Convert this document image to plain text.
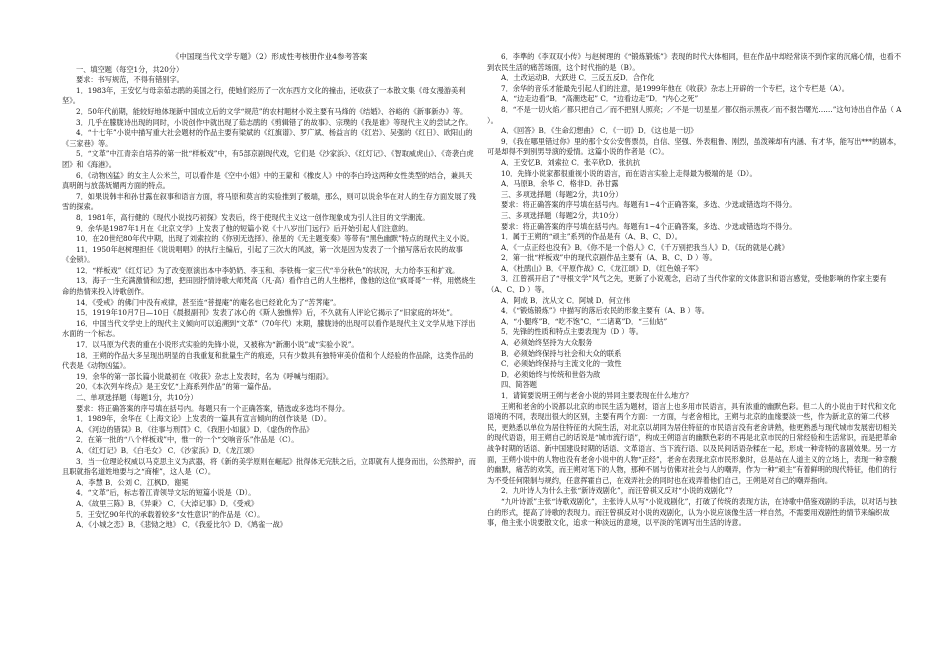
《中国现当代文学专题》（2）形成性考核册作业4参考答案
一、填空题（每空1分，共20分）
要求：书写规范，不得有错别字。
1．1983年，王安忆与母亲茹志鹃的美国之行，使她们经历了一次东西方文化的撞击，还收获了一本散文集《母女漫游美利坚》。
2．50年代前期，能较好地体现新中国成立后的文学“规范”的农村题材小说主要有马烽的《结婚》、谷峪的《新事新办》等。
3．几乎在朦胧诗出现的同时，小说创作中就出现了茹志鹃的《剪辑错了的故事》、宗璞的《我是谁》等现代主义的尝试之作。
4．“十七年”小说中描写重大社会题材的作品主要有梁斌的《红旗谱》、罗广斌、杨益言的《红岩》、吴强的《红日》、欧阳山的《三家巷》等。
5．“文革”中江青亲自培养的第一批“样板戏”中，有5部京剧现代戏，它们是《沙家浜》、《红灯记》、《智取威虎山》、《奇袭白虎团》和《海港》。
6．《动物凶猛》的女主人公米兰，可以看作是《空中小姐》中的王蒙和《橡皮人》中的李白玲这两种女性类型的结合，兼具天真明朗与放荡妩媚两方面的特点。
7．如果说韩丰和孙甘露在叙事和语言方面，将马原和莫言的实验推到了极端，那么，则可以说余华在对人的生存方面发展了残雪的探索。
8．1981年，高行健的《现代小说技巧初探》发表后，终于使现代主义这一创作现象成为引人注目的文学潮流。
9．余华是1987年1月在《北京文学》上发表了他的短篇小说《十八岁出门远行》后开始引起人们注意的。
10．在20世纪80年代中期，出现了刘索拉的《你别无选择》、徐星的《无主题变奏》等带有“黑色幽默”特点的现代主义小说。
11．1950年赵树理担任《说说唱唱》的执行主编后，引起了三次大的风波，第一次是因为发表了一个描写落后农民的故事《金锁》。
12．“样板戏”《红灯记》为了改变原演出本中李奶奶、李玉和、李铁梅一家三代“半分秋色”的状况，大力给李玉和扩戏。
13．海子一生充满激情和幻想，把田园抒情诗歌大师梵高（凡·高）看作自己的人生楷样，像他的这位“疯哥哥”一样，用燃烧生命的热情来投入诗歌创作。
14．《受戒》的佛门中没有戒律，甚至连“菩提庵”的庵名也已经讹化为了“苦荠庵”。
15．1919年10月7日—10日《晨报副刊》发表了冰心的《斯人独憔悴》后，不久就有人评论它揭示了“旧家庭的坏处”。
16．中国当代文学史上的现代主义倾向可以追溯到“文革”（70年代）末期，朦胧诗的出现可以看作是现代主义文学从地下浮出水面的一个标志。
17．以马原为代表的重在小说形式实验的先锋小说，又被称为“新潮小说”或“实验小说”。
18．王朔的作品大多呈现出明显的自我重复和批量生产的痕迹，只有少数具有独特审美价值和个人经验的作品除，这类作品的代表是《动物凶猛》。
19．余华的第一部长篇小说最初在《收获》杂志上发表时，名为《呼喊与细雨》。
20．《本次列车终点》是王安忆“上海系列作品”的第一篇作品。
二、单项选择题（每题1分，共10分）
要求：将正确答案的序号填在括号内。每题只有一个正确答案，错选或多选均不得分。
1．1989年，余华在《上海文论》上发表的一篇具有宣言倾向的创作谈是（D）。
A．《河边的错误》B．《往事与刑罚》C．《我胆小如鼠》D．《虚伪的作品》
2．在第一批的“八个样板戏”中，惟一的一个“交响音乐”作品是（C）。
A．《红灯记》B．《白毛女》 C．《沙家浜》D．《龙江颂》
3．当一位理论权威以马克思主义为武器，将《新的美学原则在崛起》批得体无完肤之后，立即就有人提身而出，公然辩护，而且职就指名道姓地要与之“商榷”，这人是（C）。
A．李慧 B．公刘 C．江枫D．谢冕
4．“文革”后，标志着江青领导文坛的短篇小说是（D）。
A．《故里三陈》B．《异秉》 C．《大淖记事》D．《受戒》
5．王安忆90年代的承载着较多“女性意识”的作品是（C）。
A．《小城之恋》B．《悲恸之地》 C．《我爱比尔》D．《鸠雀一战》
6．李準的《李双双小传》与赵树理的《“锻炼锻炼”》表现的时代大体相同，但在作品中却经常读不到作家的沉痛心情，也看不到农民生活的痛苦场面，这个时代指的是（B）。
A．土改运动B．大跃进 C．三反五反D．合作化
7．余华的音乐才能最先引起人们的注意，是1999年他在《收获》杂志上开辟的一个专栏，这个专栏是（A）。
A．“边走边看”B．“高潮迭起” C．“边看边走”D．“内心之死”
8．“不是一切火焰／都只把自己／而不把别人照亮；／不是一切星星／都仅指示黑夜／而不报告曙光……”这句诗出自作品（ A ）。
A．《回答》B．《生命幻想曲》 C．《一切》D．《这也是一切》
9．《我在哪里错过你》里的那个女公安售票员，自信、坚强、外表粗鲁、刚烈，虽泼辣却有内涵、有才华，能写出***的剧本，可是却得不到别男导演的爱情。这篇小说的作者是（C）。
A．王安忆B．刘索拉 C．张辛欣D．张抗抗
10．先锋小说家都很重视小说的语言，而在语言实验上走得最为极端的是（D）。
A．马原B．余华 C．格非D．孙甘露
三、多项选择题（每题2分，共10分）
要求：将正确答案的序号填在括号内。每题有1~4个正确答案，多选、少选或错选均不得分。
三、多项选择题（每题2分，共10分）
要求：将正确答案的序号填在括号内。每题有1~4个正确答案，多选、少选或错选均不得分。
1．属于王朔的“顽主”系列的作品是有（A、B、C、D）。
A．《一点正经也没有》B．《你不是一个俗人》C．《千万别把我当人》D．《玩的就是心跳》
2．第一批“样板戏”中的现代京剧作品主要有（A、B、C、D ）等。
A．《杜鹃山》B．《平原作战》C．《龙江颂》D．《红色娘子军》
3．江曾祺开启了“寻根文学”风气之先，更新了小说观念，启动了当代作家的文体意识和语言感觉，受他影响的作家主要有（A、C、D ）等。
A．阿成 B．沈从文 C．阿城 D．何立伟
4．《“锻炼锻炼”》中描写的落后农民的形象主要有（A、B ）等。
A．“小腿疼”B．“吃不饱”C．“二诸葛”D．“三仙姑”
5．先锋的性质和特点主要表现为（D ）等。
A．必须始终坚持为大众服务
B．必须始终保持与社会和大众的联系
C．必须始终保持与主流文化的一致性
D．必须始终与传统和世俗为敌
四、简答题
1．请简要说明王朔与老舍小说的异同主要表现在什么地方？
王朔和老舍的小说都以北京的市民生活为题材，语言上也多用市民语言，具有浓重的幽默色彩。但二人的小说由于时代和文化语境的不同，表现出很大的区别，主要有两个方面：一方面，与老舍相比，王朔与北京的血缘要淡一些，作为新北京的第二代移民，更熟悉以单位为居住特征的大院生活，对北京以胡同为居住特征的市民语言没有老舍讲熟，他更熟悉与现代城市发展密切相关的现代语语，用王朔自己的话说是“城市流行语”，构成王朔语言的幽默色彩的不再是北京市民的日常经验和生活常识，而是把革命战争时期的话语、新中国建设时期的话语、文革语言、当下流行语、以及民间话语杂糅在一起，形成一种奇特的喜剧效果。另一方面，王朔小说中的人物也没有老舍小说中的人物“正经”，老舍在表现北京市民形象时，总是站在人道主义的立场上，表现一种幸酸的幽默，痛苦的欢笑，而王朔对笔下的人物，那种不屑与仿佛对社会与人的嘲弄，作为一种“顽主”有着鲜明的现代特征，他们的行为不受任何限制与规约，任意挥霍自己，在戏弄社会的同时也在戏弄着他们自己，王朔是对自己的嘲弄指向。
2．九叶诗人为什么主张“新诗戏剧化”，而汪曾祺又反对“小说的戏剧化”？
“九叶诗派”主张“诗歌戏剧化”，主张诗人从写“小说戏剧化”，打破了传统的表现方法，在诗歌中借鉴戏剧的手法，以对话与独白的形式，提高了诗歌的表现力。而汪曾祺反对小说的戏剧化，认为小说应该像生活一样自然，不需要用戏剧性的情节来编织故事，他主张小说要散文化，追求一种淡远的意境，以平淡的笔调写出生活的诗意。
